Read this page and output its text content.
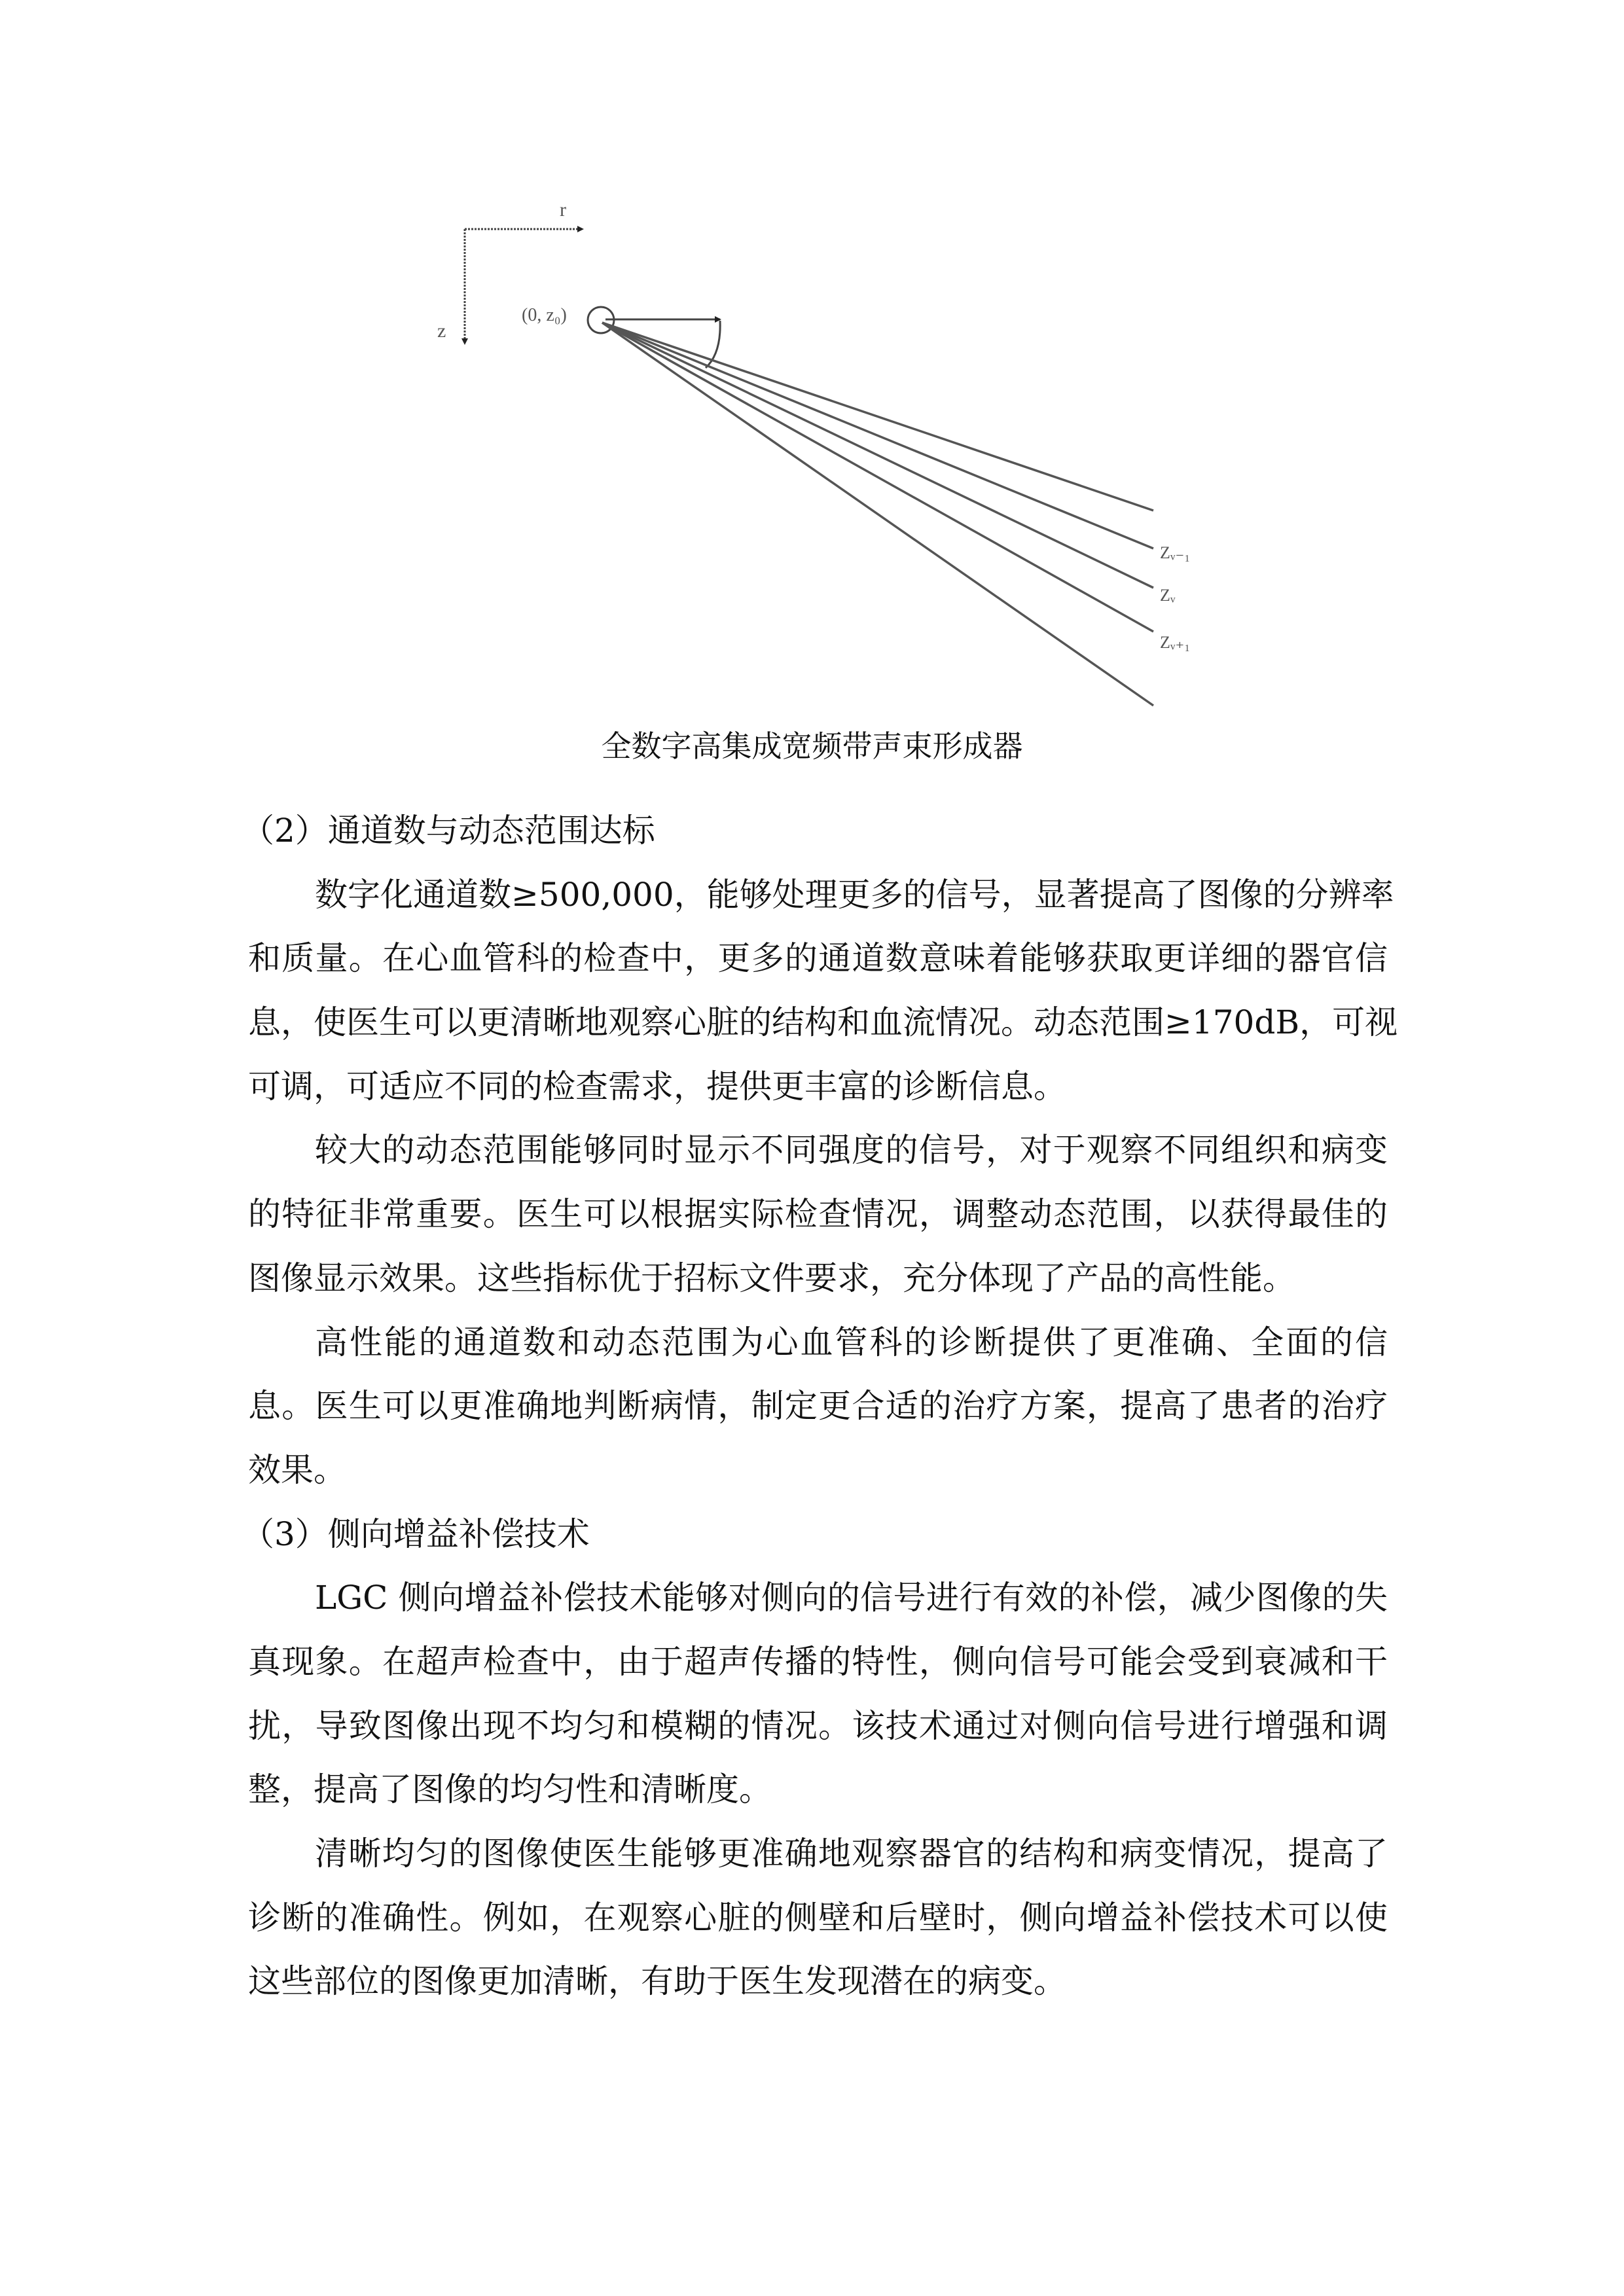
r
z
(0, z₀)
Zᵥ₋₁
Zᵥ
Zᵥ₊₁
全数字高集成宽频带声束形成器
（2）通道数与动态范围达标
数字化通道数≥500,000，能够处理更多的信号，显著提高了图像的分辨率
和质量。在心血管科的检查中，更多的通道数意味着能够获取更详细的器官信
息，使医生可以更清晰地观察心脏的结构和血流情况。动态范围≥170dB，可视
可调，可适应不同的检查需求，提供更丰富的诊断信息。
较大的动态范围能够同时显示不同强度的信号，对于观察不同组织和病变
的特征非常重要。医生可以根据实际检查情况，调整动态范围，以获得最佳的
图像显示效果。这些指标优于招标文件要求，充分体现了产品的高性能。
高性能的通道数和动态范围为心血管科的诊断提供了更准确、全面的信
息。医生可以更准确地判断病情，制定更合适的治疗方案，提高了患者的治疗
效果。
（3）侧向增益补偿技术
LGC 侧向增益补偿技术能够对侧向的信号进行有效的补偿，减少图像的失
真现象。在超声检查中，由于超声传播的特性，侧向信号可能会受到衰减和干
扰，导致图像出现不均匀和模糊的情况。该技术通过对侧向信号进行增强和调
整，提高了图像的均匀性和清晰度。
清晰均匀的图像使医生能够更准确地观察器官的结构和病变情况，提高了
诊断的准确性。例如，在观察心脏的侧壁和后壁时，侧向增益补偿技术可以使
这些部位的图像更加清晰，有助于医生发现潜在的病变。
